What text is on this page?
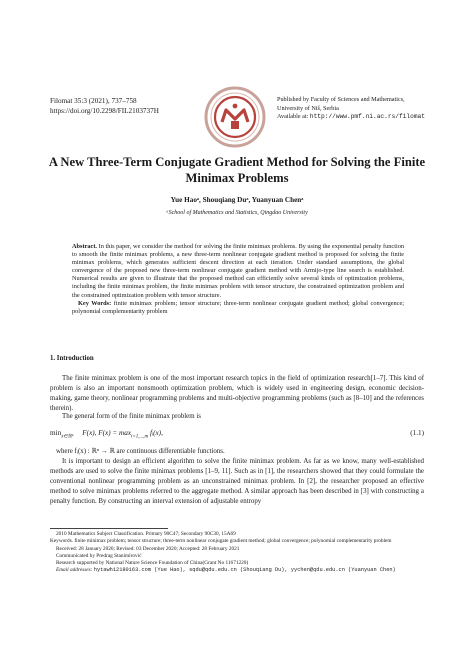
Filomat 35:3 (2021), 737–758
https://doi.org/10.2298/FIL2103737H
Published by Faculty of Sciences and Mathematics,
University of Niš, Serbia
Available at: http://www.pmf.ni.ac.rs/filomat
A New Three-Term Conjugate Gradient Method for Solving the Finite
Minimax Problems
Yue Haoᵃ, Shouqiang Duᵃ, Yuanyuan Chenᵃ
ᵃSchool of Mathematics and Statistics, Qingdao University
Abstract. In this paper, we consider the method for solving the finite minimax problems. By using the exponential penalty function to smooth the finite minimax problems, a new three-term nonlinear conjugate gradient method is proposed for solving the finite minimax problems, which generates sufficient descent direction at each iteration. Under standard assumptions, the global convergence of the proposed new three-term nonlinear conjugate gradient method with Armijo-type line search is established. Numerical results are given to illustrate that the proposed method can efficiently solve several kinds of optimization problems, including the finite minimax problem, the finite minimax problem with tensor structure, the constrained optimization problem and the constrained optimization problem with tensor structure.
Key Words: finite minimax problem; tensor structure; three-term nonlinear conjugate gradient method; global convergence; polynomial complementarity problem
1. Introduction
The finite minimax problem is one of the most important research topics in the field of optimization research[1–7]. This kind of problem is also an important nonsmooth optimization problem, which is widely used in engineering design, economic decision-making, game theory, nonlinear programming problems and multi-objective programming problems (such as [8–10] and the references therein).
The general form of the finite minimax problem is
$\min_{x\in ℝ^n} F(x)$, $F(x) = \max_{i=1,...,m}$ fᵢ(x),	(1.1)
where fᵢ(x) : ℝⁿ → ℝ are continuous differentiable functions.
It is important to design an efficient algorithm to solve the finite minimax problem. As far as we know, many well-established methods are used to solve the finite minimax problems [1–9, 11]. Such as in [1], the researchers showed that they could formulate the conventional nonlinear programming problem as an unconstrained minimax problem. In [2], the researcher proposed an effective method to solve minimax problems referred to the aggregate method. A similar approach has been described in [3] with constructing a penalty function. By constructing an interval extension of adjustable entropy
2010 Mathematics Subject Classification. Primary 90C47; Secondary 90C30, 15A69
Keywords. finite minimax problem; tensor structure; three-term nonlinear conjugate gradient method; global convergence; polynomial complementarity problem
Received: 28 January 2020; Revised: 03 December 2020; Accepted: 28 February 2021
Communicated by Predrag Stanimirović
Research supported by National Nature Science Foundation of China(Grant No 11671220)
Email addresses: hytawh12180163.com (Yue Hao), sqdu@qdu.edu.cn (Shouqiang Du), yychen@qdu.edu.cn (Yuanyuan Chen)
